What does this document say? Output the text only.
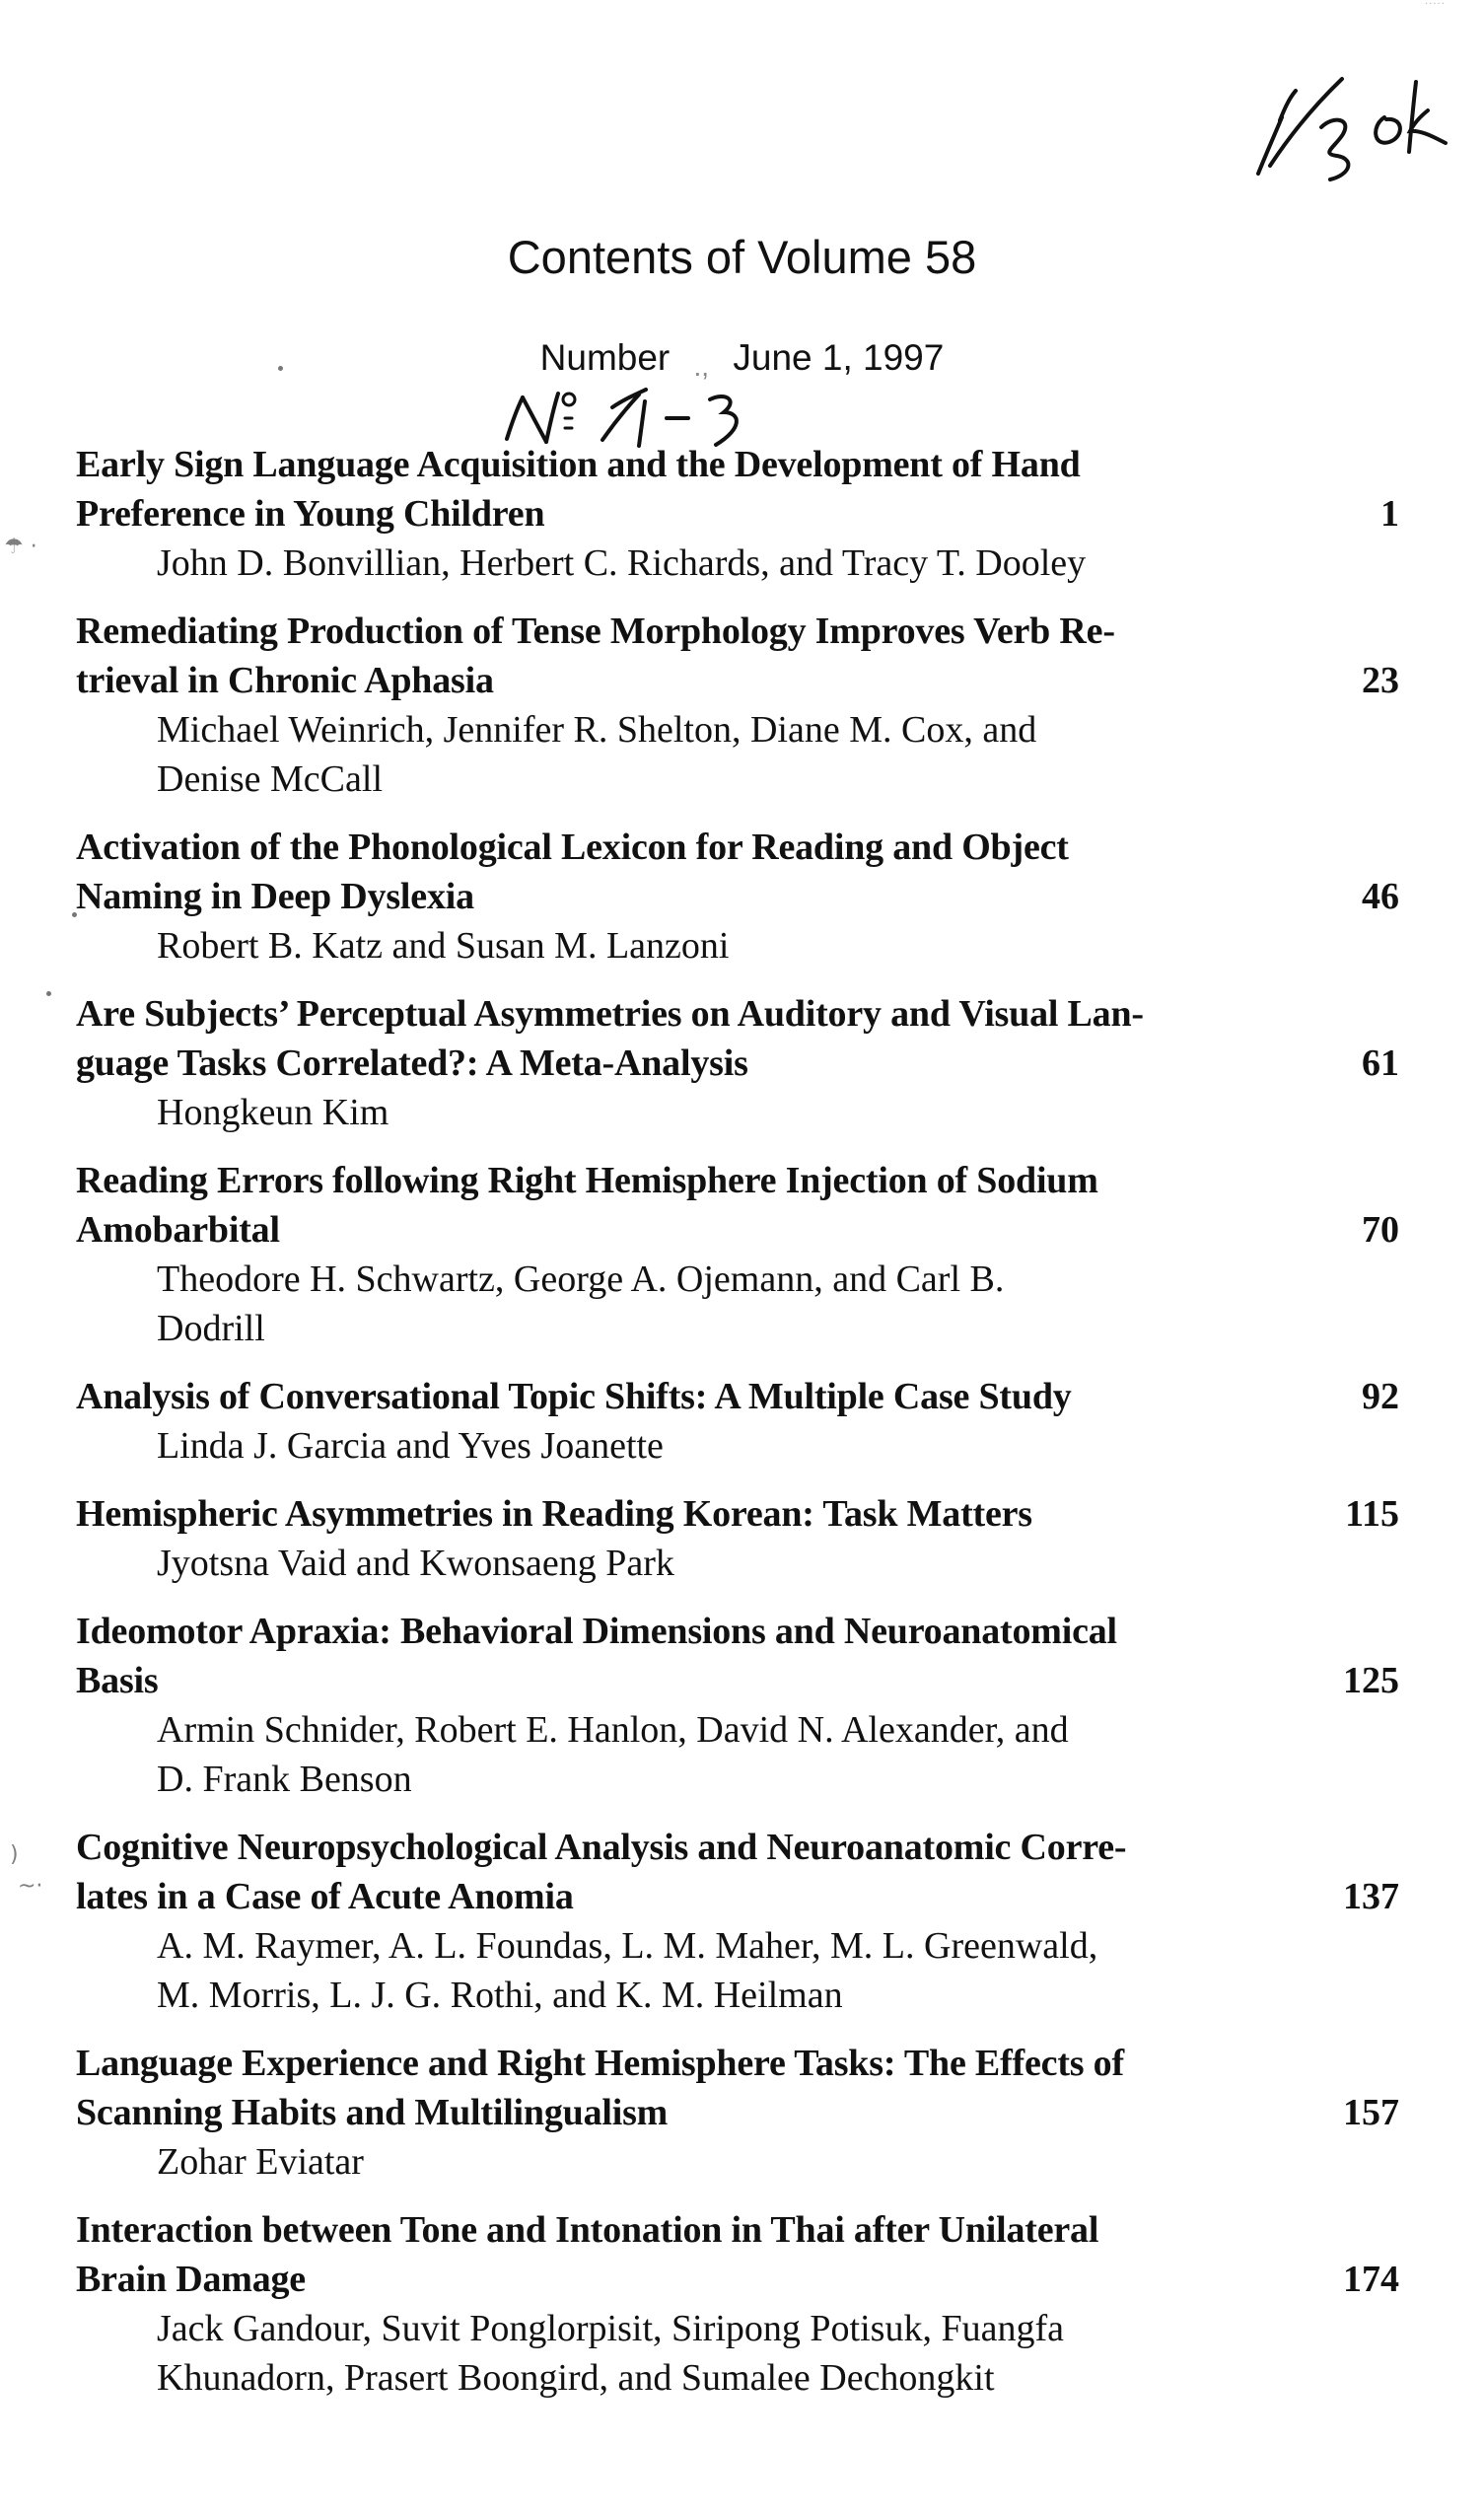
·····
Contents of Volume 58
Number ., June 1, 1997
☂ ·
)
~·
Early Sign Language Acquisition and the Development of Hand
Preference in Young Children	1
John D. Bonvillian, Herbert C. Richards, and Tracy T. Dooley
Remediating Production of Tense Morphology Improves Verb Re-
trieval in Chronic Aphasia	23
Michael Weinrich, Jennifer R. Shelton, Diane M. Cox, and
Denise McCall
Activation of the Phonological Lexicon for Reading and Object
Naming in Deep Dyslexia	46
Robert B. Katz and Susan M. Lanzoni
Are Subjects’ Perceptual Asymmetries on Auditory and Visual Lan-
guage Tasks Correlated?: A Meta-Analysis	61
Hongkeun Kim
Reading Errors following Right Hemisphere Injection of Sodium
Amobarbital	70
Theodore H. Schwartz, George A. Ojemann, and Carl B.
Dodrill
Analysis of Conversational Topic Shifts: A Multiple Case Study	92
Linda J. Garcia and Yves Joanette
Hemispheric Asymmetries in Reading Korean: Task Matters	115
Jyotsna Vaid and Kwonsaeng Park
Ideomotor Apraxia: Behavioral Dimensions and Neuroanatomical
Basis	125
Armin Schnider, Robert E. Hanlon, David N. Alexander, and
D. Frank Benson
Cognitive Neuropsychological Analysis and Neuroanatomic Corre-
lates in a Case of Acute Anomia	137
A. M. Raymer, A. L. Foundas, L. M. Maher, M. L. Greenwald,
M. Morris, L. J. G. Rothi, and K. M. Heilman
Language Experience and Right Hemisphere Tasks: The Effects of
Scanning Habits and Multilingualism	157
Zohar Eviatar
Interaction between Tone and Intonation in Thai after Unilateral
Brain Damage	174
Jack Gandour, Suvit Ponglorpisit, Siripong Potisuk, Fuangfa
Khunadorn, Prasert Boongird, and Sumalee Dechongkit
